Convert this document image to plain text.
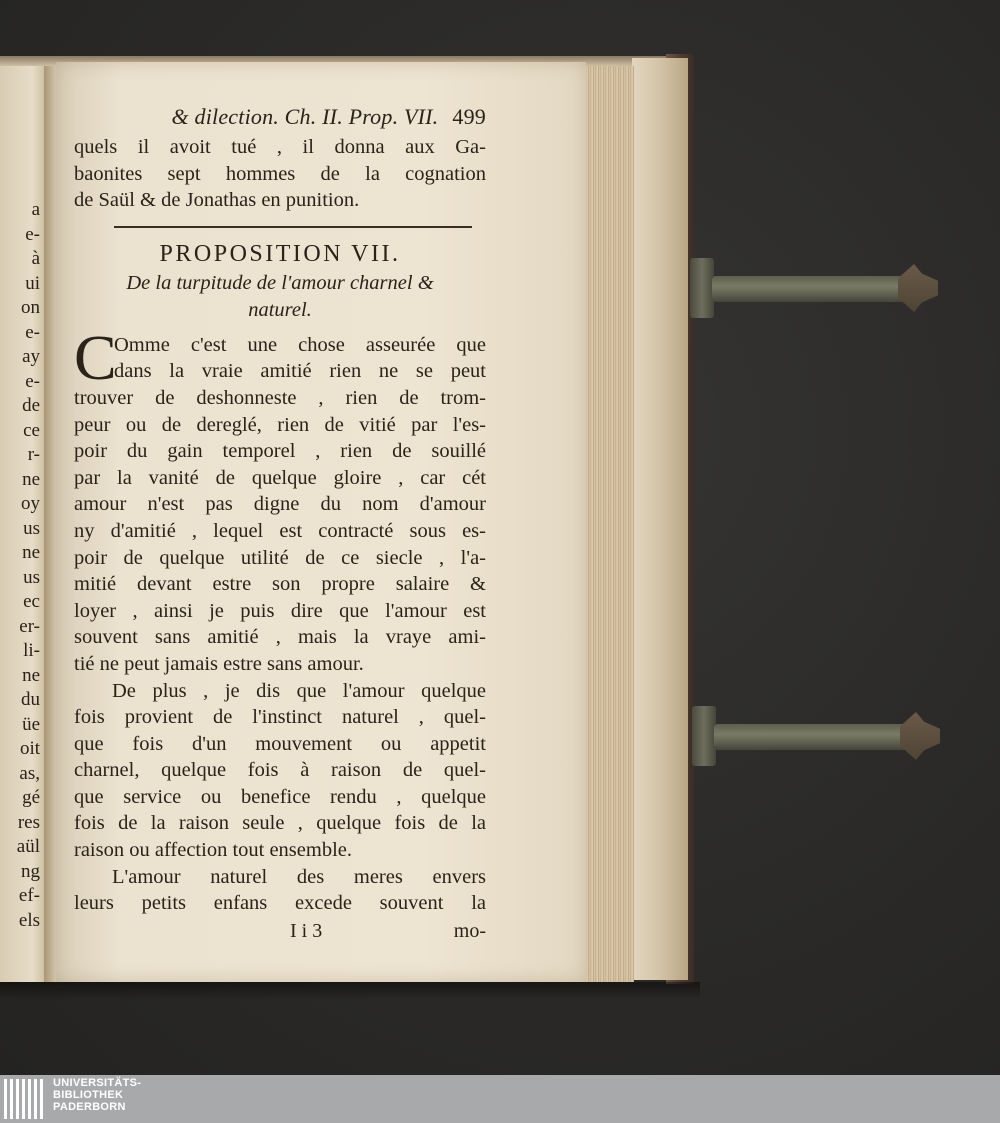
a
e-
à
ui
on
e-
ay
e-
de
ce
r-
ne
oy
us
ne
us
ec
er-
li-
ne
du
üe
oit
as,
gé
res
aül
ng
ef-
els
& dilection. Ch. II. Prop. VII. 499
quels il avoit tué , il donna aux Ga-
baonites sept hommes de la cognation
de Saül & de Jonathas en punition.
PROPOSITION VII.
De la turpitude de l'amour charnel &
naturel.
C
Omme c'est une chose asseurée que
dans la vraie amitié rien ne se peut
trouver de deshonneste , rien de trom-
peur ou de dereglé, rien de vitié par l'es-
poir du gain temporel , rien de souillé
par la vanité de quelque gloire , car cét
amour n'est pas digne du nom d'amour
ny d'amitié , lequel est contracté sous es-
poir de quelque utilité de ce siecle , l'a-
mitié devant estre son propre salaire &
loyer , ainsi je puis dire que l'amour est
souvent sans amitié , mais la vraye ami-
tié ne peut jamais estre sans amour.
De plus , je dis que l'amour quelque
fois provient de l'instinct naturel , quel-
que fois d'un mouvement ou appetit
charnel, quelque fois à raison de quel-
que service ou benefice rendu , quelque
fois de la raison seule , quelque fois de la
raison ou affection tout ensemble.
L'amour naturel des meres envers
leurs petits enfans excede souvent la
I i 3	mo-
UNIVERSITÄTS-
BIBLIOTHEK
PADERBORN
